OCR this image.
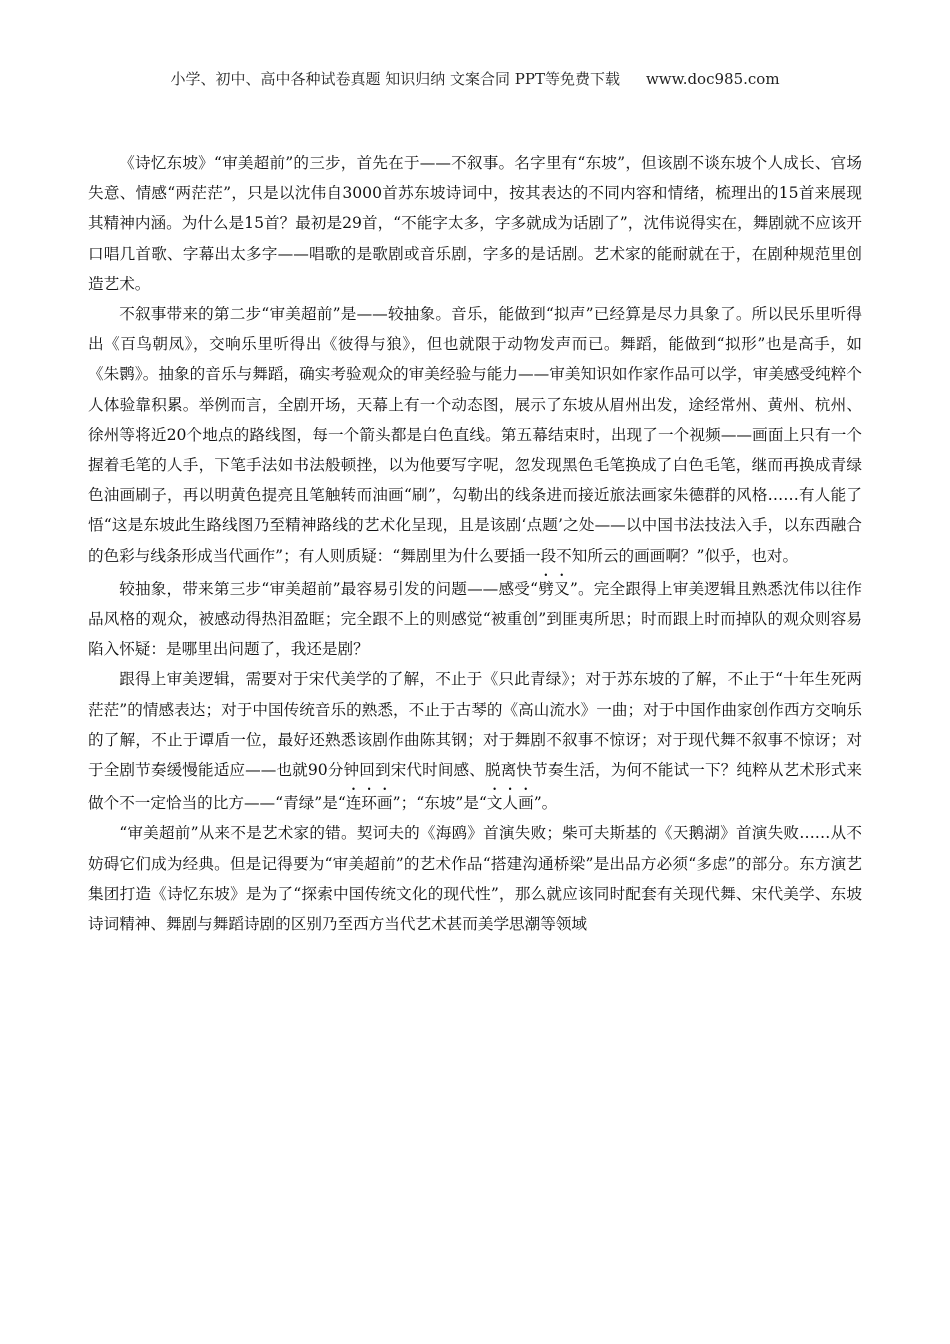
小学、初中、高中各种试卷真题 知识归纳 文案合同 PPT等免费下载 www.doc985.com

《诗忆东坡》“审美超前”的三步，首先在于——不叙事。名字里有“东坡”，但该剧不谈东坡个人成长、官场失意、情感“两茫茫”，只是以沈伟自3000首苏东坡诗词中，按其表达的不同内容和情绪，梳理出的15首来展现其精神内涵。为什么是15首？最初是29首，“不能字太多，字多就成为话剧了”，沈伟说得实在，舞剧就不应该开口唱几首歌、字幕出太多字——唱歌的是歌剧或音乐剧，字多的是话剧。艺术家的能耐就在于，在剧种规范里创造艺术。

不叙事带来的第二步“审美超前”是——较抽象。音乐，能做到“拟声”已经算是尽力具象了。所以民乐里听得出《百鸟朝凤》，交响乐里听得出《彼得与狼》，但也就限于动物发声而已。舞蹈，能做到“拟形”也是高手，如《朱鹮》。抽象的音乐与舞蹈，确实考验观众的审美经验与能力——审美知识如作家作品可以学，审美感受纯粹个人体验靠积累。举例而言，全剧开场，天幕上有一个动态图，展示了东坡从眉州出发，途经常州、黄州、杭州、徐州等将近20个地点的路线图，每一个箭头都是白色直线。第五幕结束时，出现了一个视频——画面上只有一个握着毛笔的人手，下笔手法如书法般顿挫，以为他要写字呢，忽发现黑色毛笔换成了白色毛笔，继而再换成青绿色油画刷子，再以明黄色提亮且笔触转而油画“刷”，勾勒出的线条进而接近旅法画家朱德群的风格……有人能了悟“这是东坡此生路线图乃至精神路线的艺术化呈现，且是该剧‘点题’之处——以中国书法技法入手，以东西融合的色彩与线条形成当代画作”；有人则质疑：“舞剧里为什么要插一段不知所云的画画啊？”似乎，也对。

较抽象，带来第三步“审美超前”最容易引发的问题——感受“劈叉”。完全跟得上审美逻辑且熟悉沈伟以往作品风格的观众，被感动得热泪盈眶；完全跟不上的则感觉“被重创”到匪夷所思；时而跟上时而掉队的观众则容易陷入怀疑：是哪里出问题了，我还是剧？

跟得上审美逻辑，需要对于宋代美学的了解，不止于《只此青绿》；对于苏东坡的了解，不止于“十年生死两茫茫”的情感表达；对于中国传统音乐的熟悉，不止于古琴的《高山流水》一曲；对于中国作曲家创作西方交响乐的了解，不止于谭盾一位，最好还熟悉该剧作曲陈其钢；对于舞剧不叙事不惊讶；对于现代舞不叙事不惊讶；对于全剧节奏缓慢能适应——也就90分钟回到宋代时间感、脱离快节奏生活，为何不能试一下？纯粹从艺术形式来做个不一定恰当的比方——“青绿”是“连环画”；“东坡”是“文人画”。

“审美超前”从来不是艺术家的错。契诃夫的《海鸥》首演失败；柴可夫斯基的《天鹅湖》首演失败……从不妨碍它们成为经典。但是记得要为“审美超前”的艺术作品“搭建沟通桥梁”是出品方必须“多虑”的部分。东方演艺集团打造《诗忆东坡》是为了“探索中国传统文化的现代性”，那么就应该同时配套有关现代舞、宋代美学、东坡诗词精神、舞剧与舞蹈诗剧的区别乃至西方当代艺术甚而美学思潮等领域
